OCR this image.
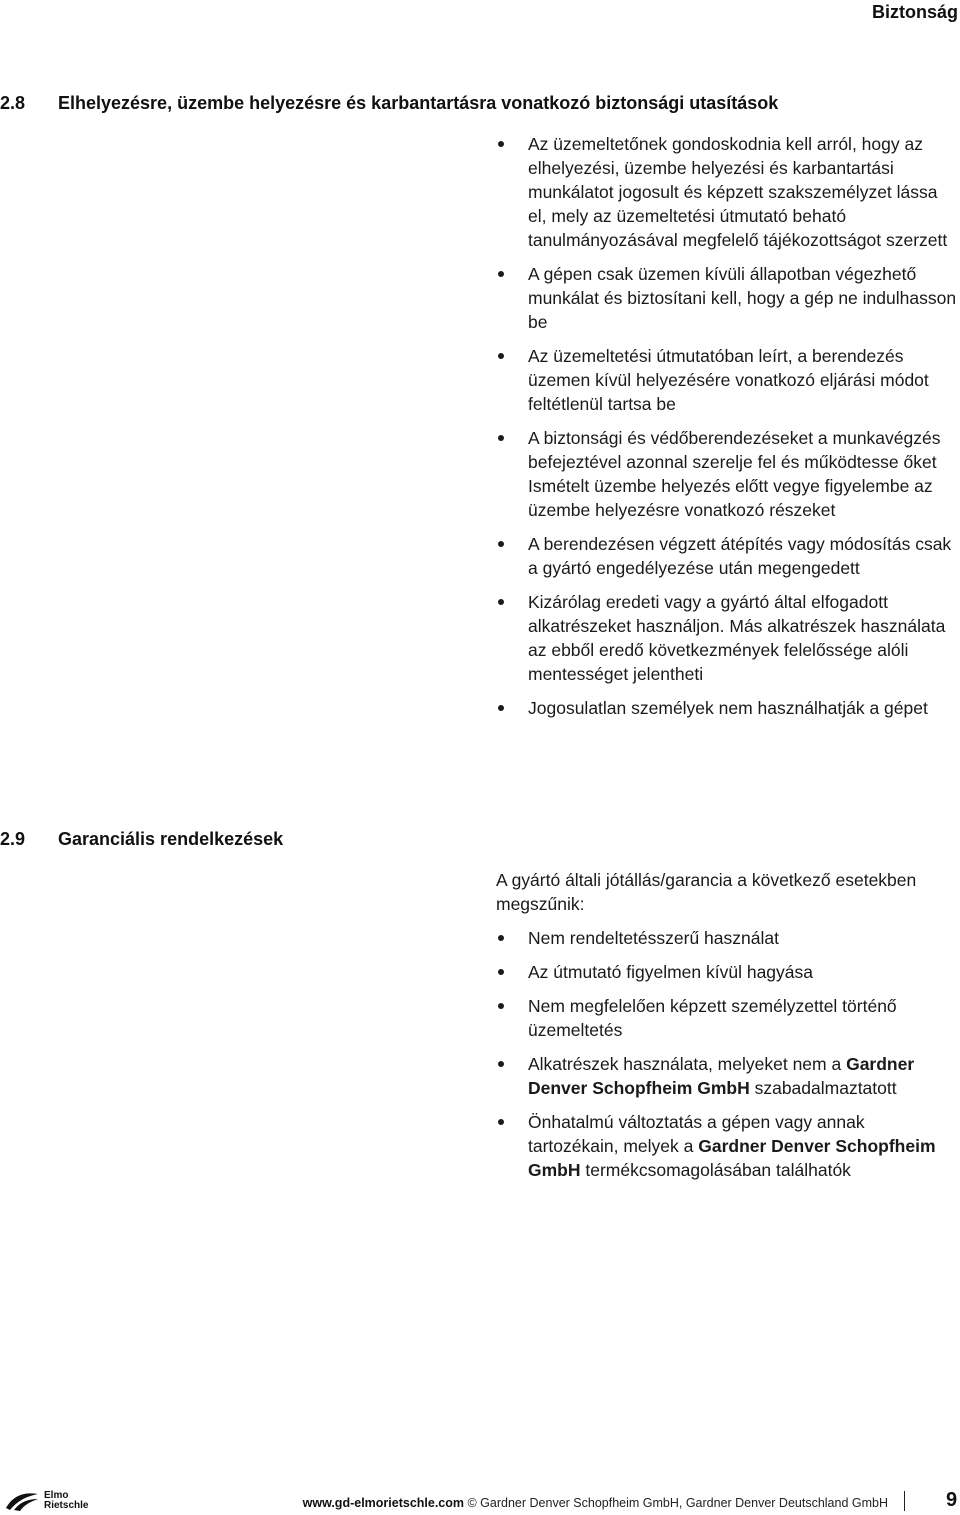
Biztonság
2.8 Elhelyezésre, üzembe helyezésre és karbantartásra vonatkozó biztonsági utasítások
Az üzemeltetőnek gondoskodnia kell arról, hogy az elhelyezési, üzembe helyezési és karbantartási munkálatot jogosult és képzett szakszemélyzet lássa el, mely az üzemeltetési útmutató beható tanulmányozásával megfelelő tájékozottságot szerzett
A gépen csak üzemen kívüli állapotban végezhető munkálat és biztosítani kell, hogy a gép ne indulhasson be
Az üzemeltetési útmutatóban leírt, a berendezés üzemen kívül helyezésére vonatkozó eljárási módot feltétlenül tartsa be
A biztonsági és védőberendezéseket a munkavégzés befejeztével azonnal szerelje fel és működtesse őket Ismételt üzembe helyezés előtt vegye figyelembe az üzembe helyezésre vonatkozó részeket
A berendezésen végzett átépítés vagy módosítás csak a gyártó engedélyezése után megengedett
Kizárólag eredeti vagy a gyártó által elfogadott alkatrészeket használjon. Más alkatrészek használata az ebből eredő következmények felelőssége alóli mentességet jelentheti
Jogosulatlan személyek nem használhatják a gépet
2.9 Garanciális rendelkezések

A gyártó általi jótállás/garancia a következő esetekben megszűnik:

Nem rendeltetésszerű használat
Az útmutató figyelmen kívül hagyása
Nem megfelelően képzett személyzettel történő üzemeltetés
Alkatrészek használata, melyeket nem a Gardner Denver Schopfheim GmbH szabadalmaztatott
Önhatalmú változtatás a gépen vagy annak tartozékain, melyek a Gardner Denver Schopfheim GmbH termékcsomagolásában találhatók
Elmo Rietschle	www.gd-elmorietschle.com © Gardner Denver Schopfheim GmbH, Gardner Denver Deutschland GmbH	9
